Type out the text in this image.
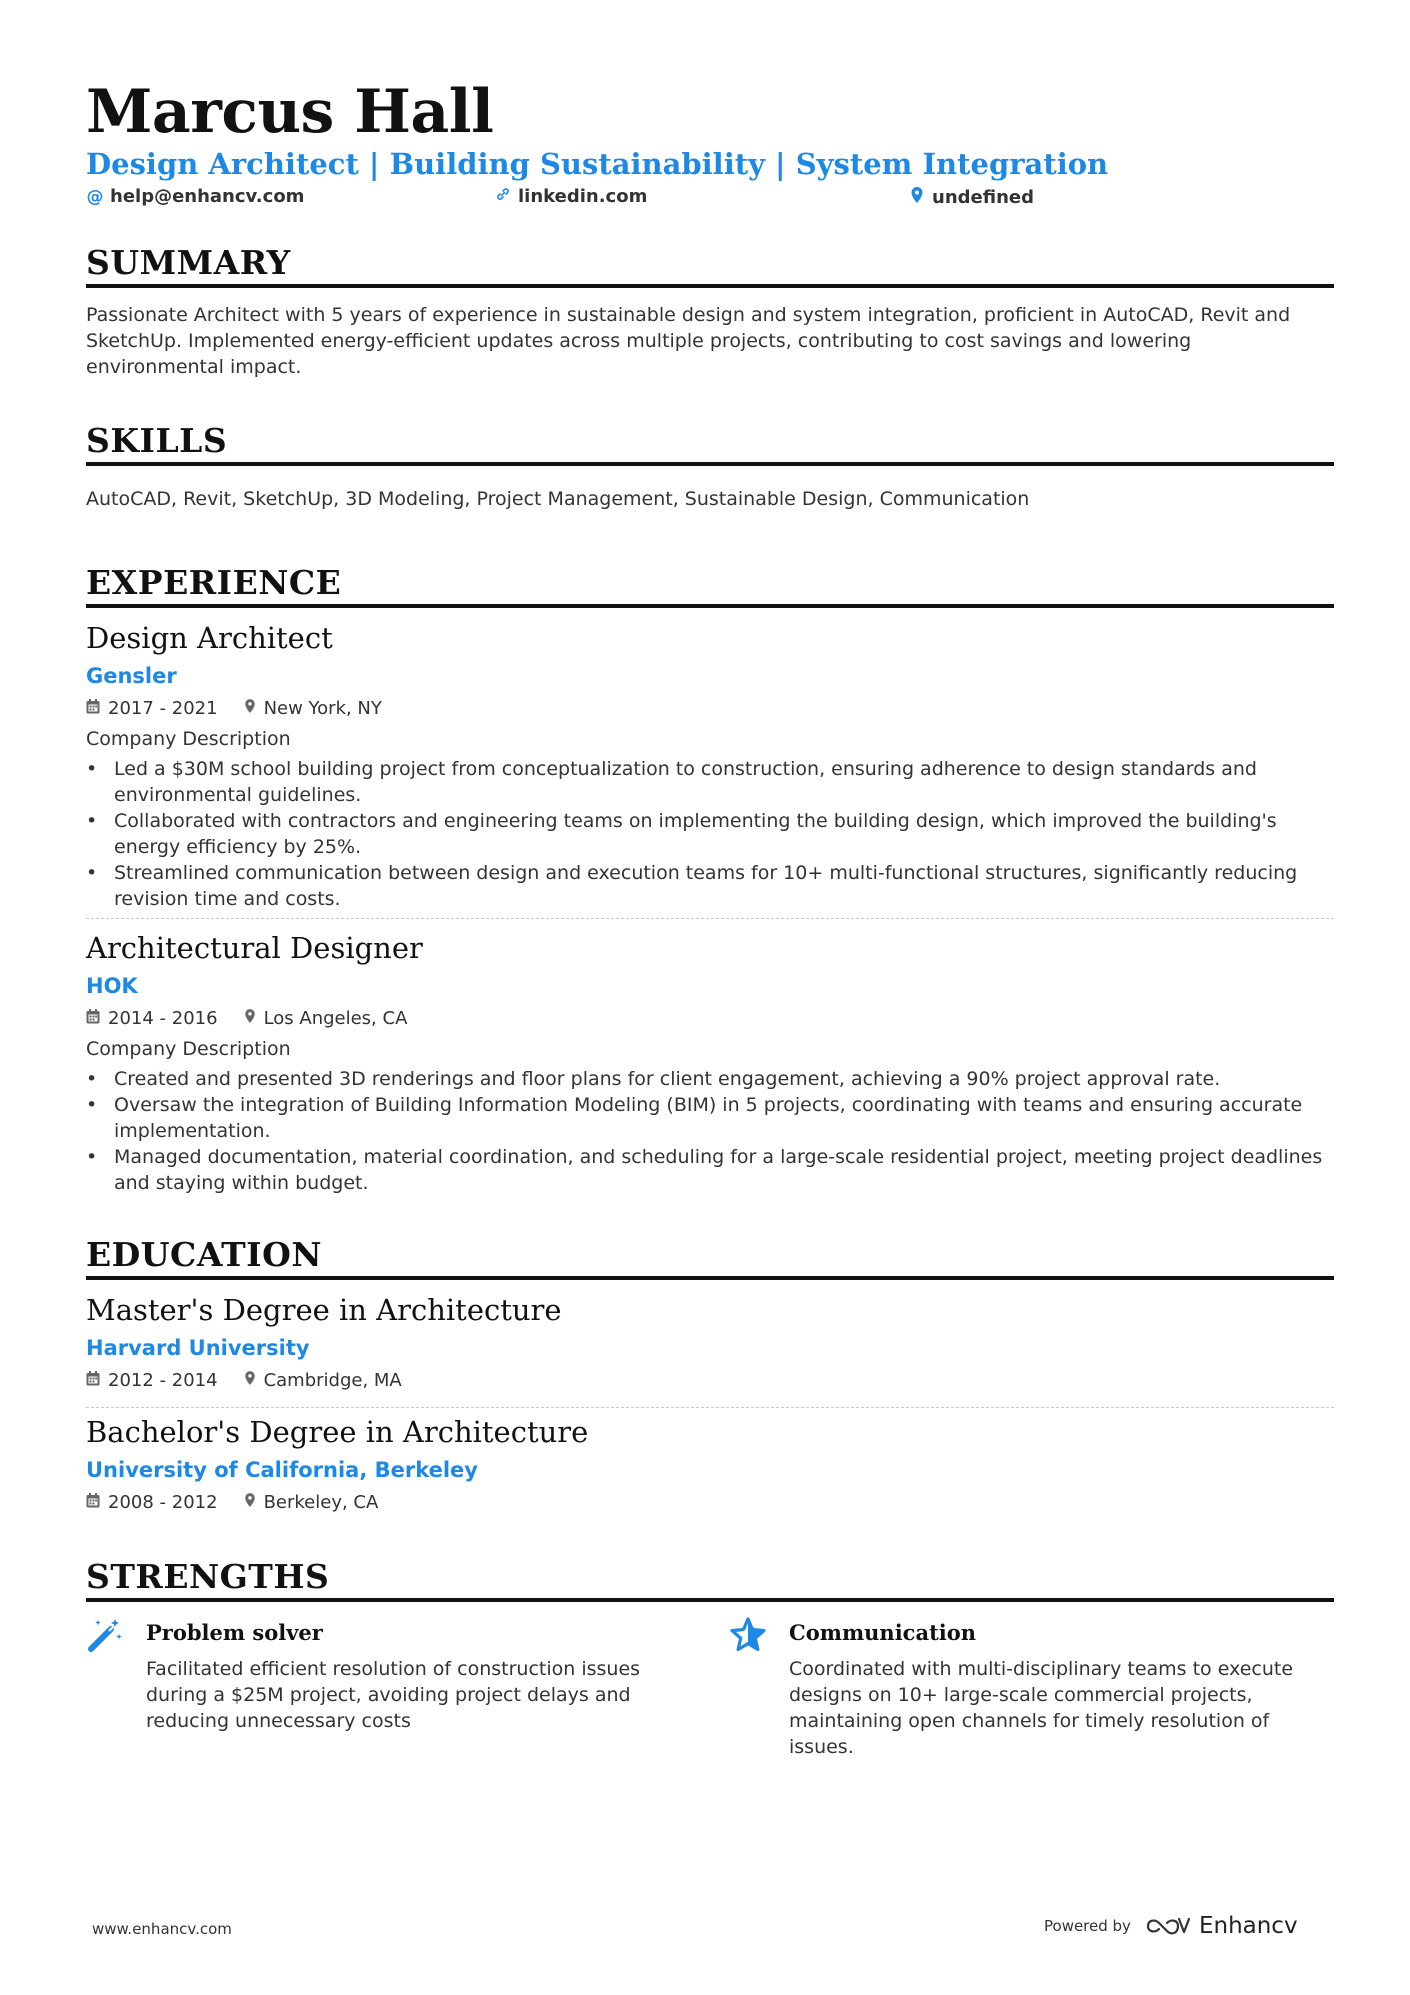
Marcus Hall
Design Architect | Building Sustainability | System Integration
@ help@enhancv.com	linkedin.com	undefined
SUMMARY
Passionate Architect with 5 years of experience in sustainable design and system integration, proficient in AutoCAD, Revit and SketchUp. Implemented energy-efficient updates across multiple projects, contributing to cost savings and lowering environmental impact.
SKILLS
AutoCAD, Revit, SketchUp, 3D Modeling, Project Management, Sustainable Design, Communication
EXPERIENCE
Design Architect
Gensler
2017 - 2021	New York, NY
Company Description
• Led a $30M school building project from conceptualization to construction, ensuring adherence to design standards and environmental guidelines.
• Collaborated with contractors and engineering teams on implementing the building design, which improved the building's energy efficiency by 25%.
• Streamlined communication between design and execution teams for 10+ multi-functional structures, significantly reducing revision time and costs.
Architectural Designer
HOK
2014 - 2016	Los Angeles, CA
Company Description
• Created and presented 3D renderings and floor plans for client engagement, achieving a 90% project approval rate.
• Oversaw the integration of Building Information Modeling (BIM) in 5 projects, coordinating with teams and ensuring accurate implementation.
• Managed documentation, material coordination, and scheduling for a large-scale residential project, meeting project deadlines and staying within budget.
EDUCATION
Master's Degree in Architecture
Harvard University
2012 - 2014	Cambridge, MA
Bachelor's Degree in Architecture
University of California, Berkeley
2008 - 2012	Berkeley, CA
STRENGTHS
Problem solver
Facilitated efficient resolution of construction issues during a $25M project, avoiding project delays and reducing unnecessary costs
Communication
Coordinated with multi-disciplinary teams to execute designs on 10+ large-scale commercial projects, maintaining open channels for timely resolution of issues.
www.enhancv.com	Powered by	Enhancv
